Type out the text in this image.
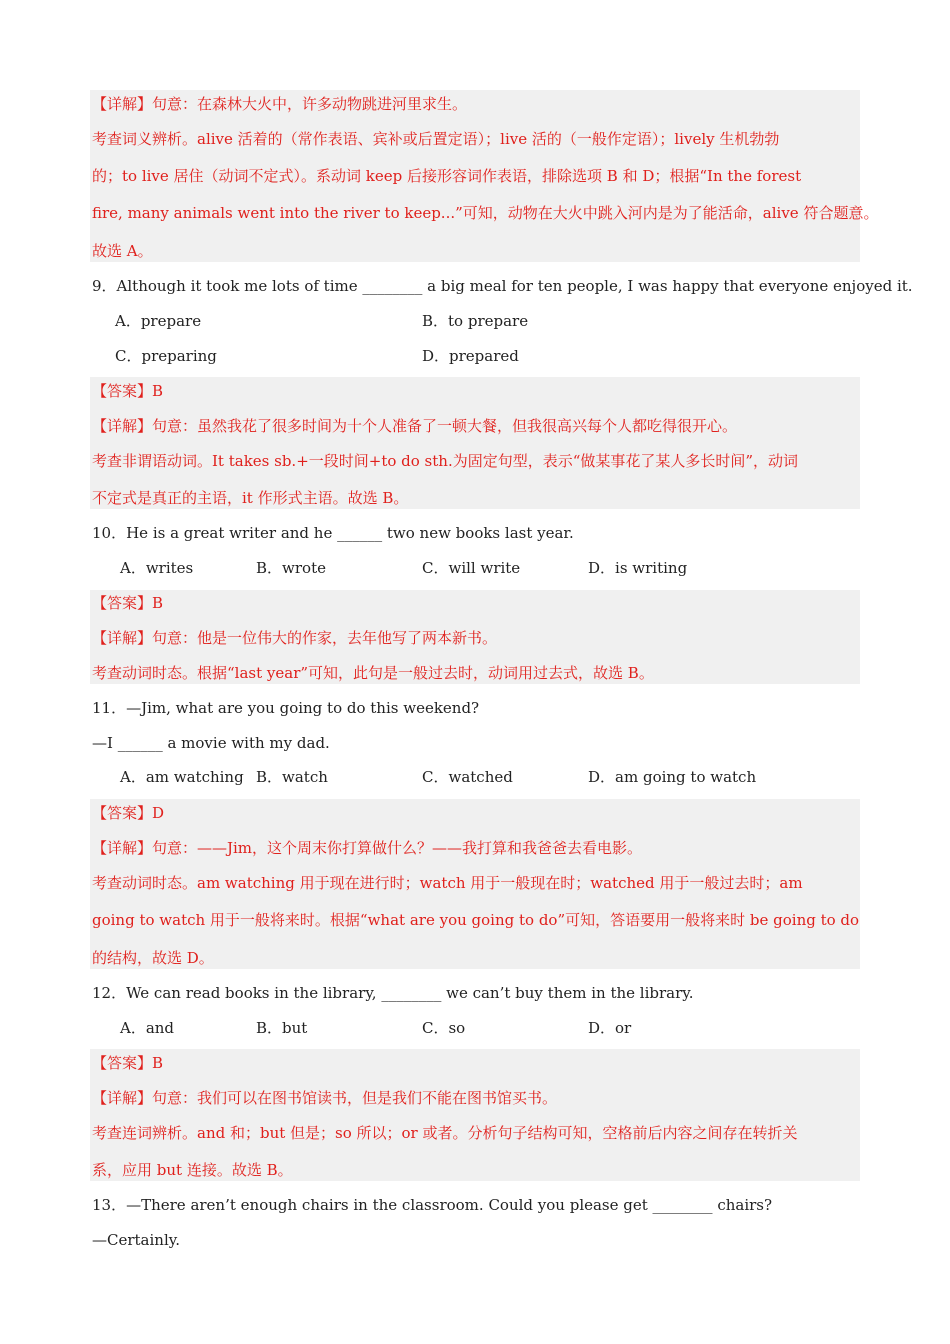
【详解】句意：在森林大火中，许多动物跳进河里求生。
考查词义辨析。alive 活着的（常作表语、宾补或后置定语）；live 活的（一般作定语）；lively 生机勃勃
的；to live 居住（动词不定式）。系动词 keep 后接形容词作表语，排除选项 B 和 D；根据“In the forest
fire, many animals went into the river to keep...”可知，动物在大火中跳入河内是为了能活命，alive 符合题意。
故选 A。
9．Although it took me lots of time ________ a big meal for ten people, I was happy that everyone enjoyed it.
A．prepare	B．to prepare
C．preparing	D．prepared
【答案】B
【详解】句意：虽然我花了很多时间为十个人准备了一顿大餐，但我很高兴每个人都吃得很开心。
考查非谓语动词。It takes sb.+一段时间+to do sth.为固定句型，表示“做某事花了某人多长时间”，动词
不定式是真正的主语，it 作形式主语。故选 B。
10．He is a great writer and he ______ two new books last year.
A．writes	B．wrote	C．will write	D．is writing
【答案】B
【详解】句意：他是一位伟大的作家，去年他写了两本新书。
考查动词时态。根据“last year”可知，此句是一般过去时，动词用过去式，故选 B。
11．—Jim, what are you going to do this weekend?
—I ______ a movie with my dad.
A．am watching B．watch	C．watched	D．am going to watch
【答案】D
【详解】句意：——Jim，这个周末你打算做什么？——我打算和我爸爸去看电影。
考查动词时态。am watching 用于现在进行时；watch 用于一般现在时；watched 用于一般过去时；am
going to watch 用于一般将来时。根据“what are you going to do”可知，答语要用一般将来时 be going to do
的结构，故选 D。
12．We can read books in the library, ________ we can’t buy them in the library.
A．and	B．but	C．so	D．or
【答案】B
【详解】句意：我们可以在图书馆读书，但是我们不能在图书馆买书。
考查连词辨析。and 和；but 但是；so 所以；or 或者。分析句子结构可知，空格前后内容之间存在转折关
系，应用 but 连接。故选 B。
13．—There aren’t enough chairs in the classroom. Could you please get ________ chairs?
—Certainly.
